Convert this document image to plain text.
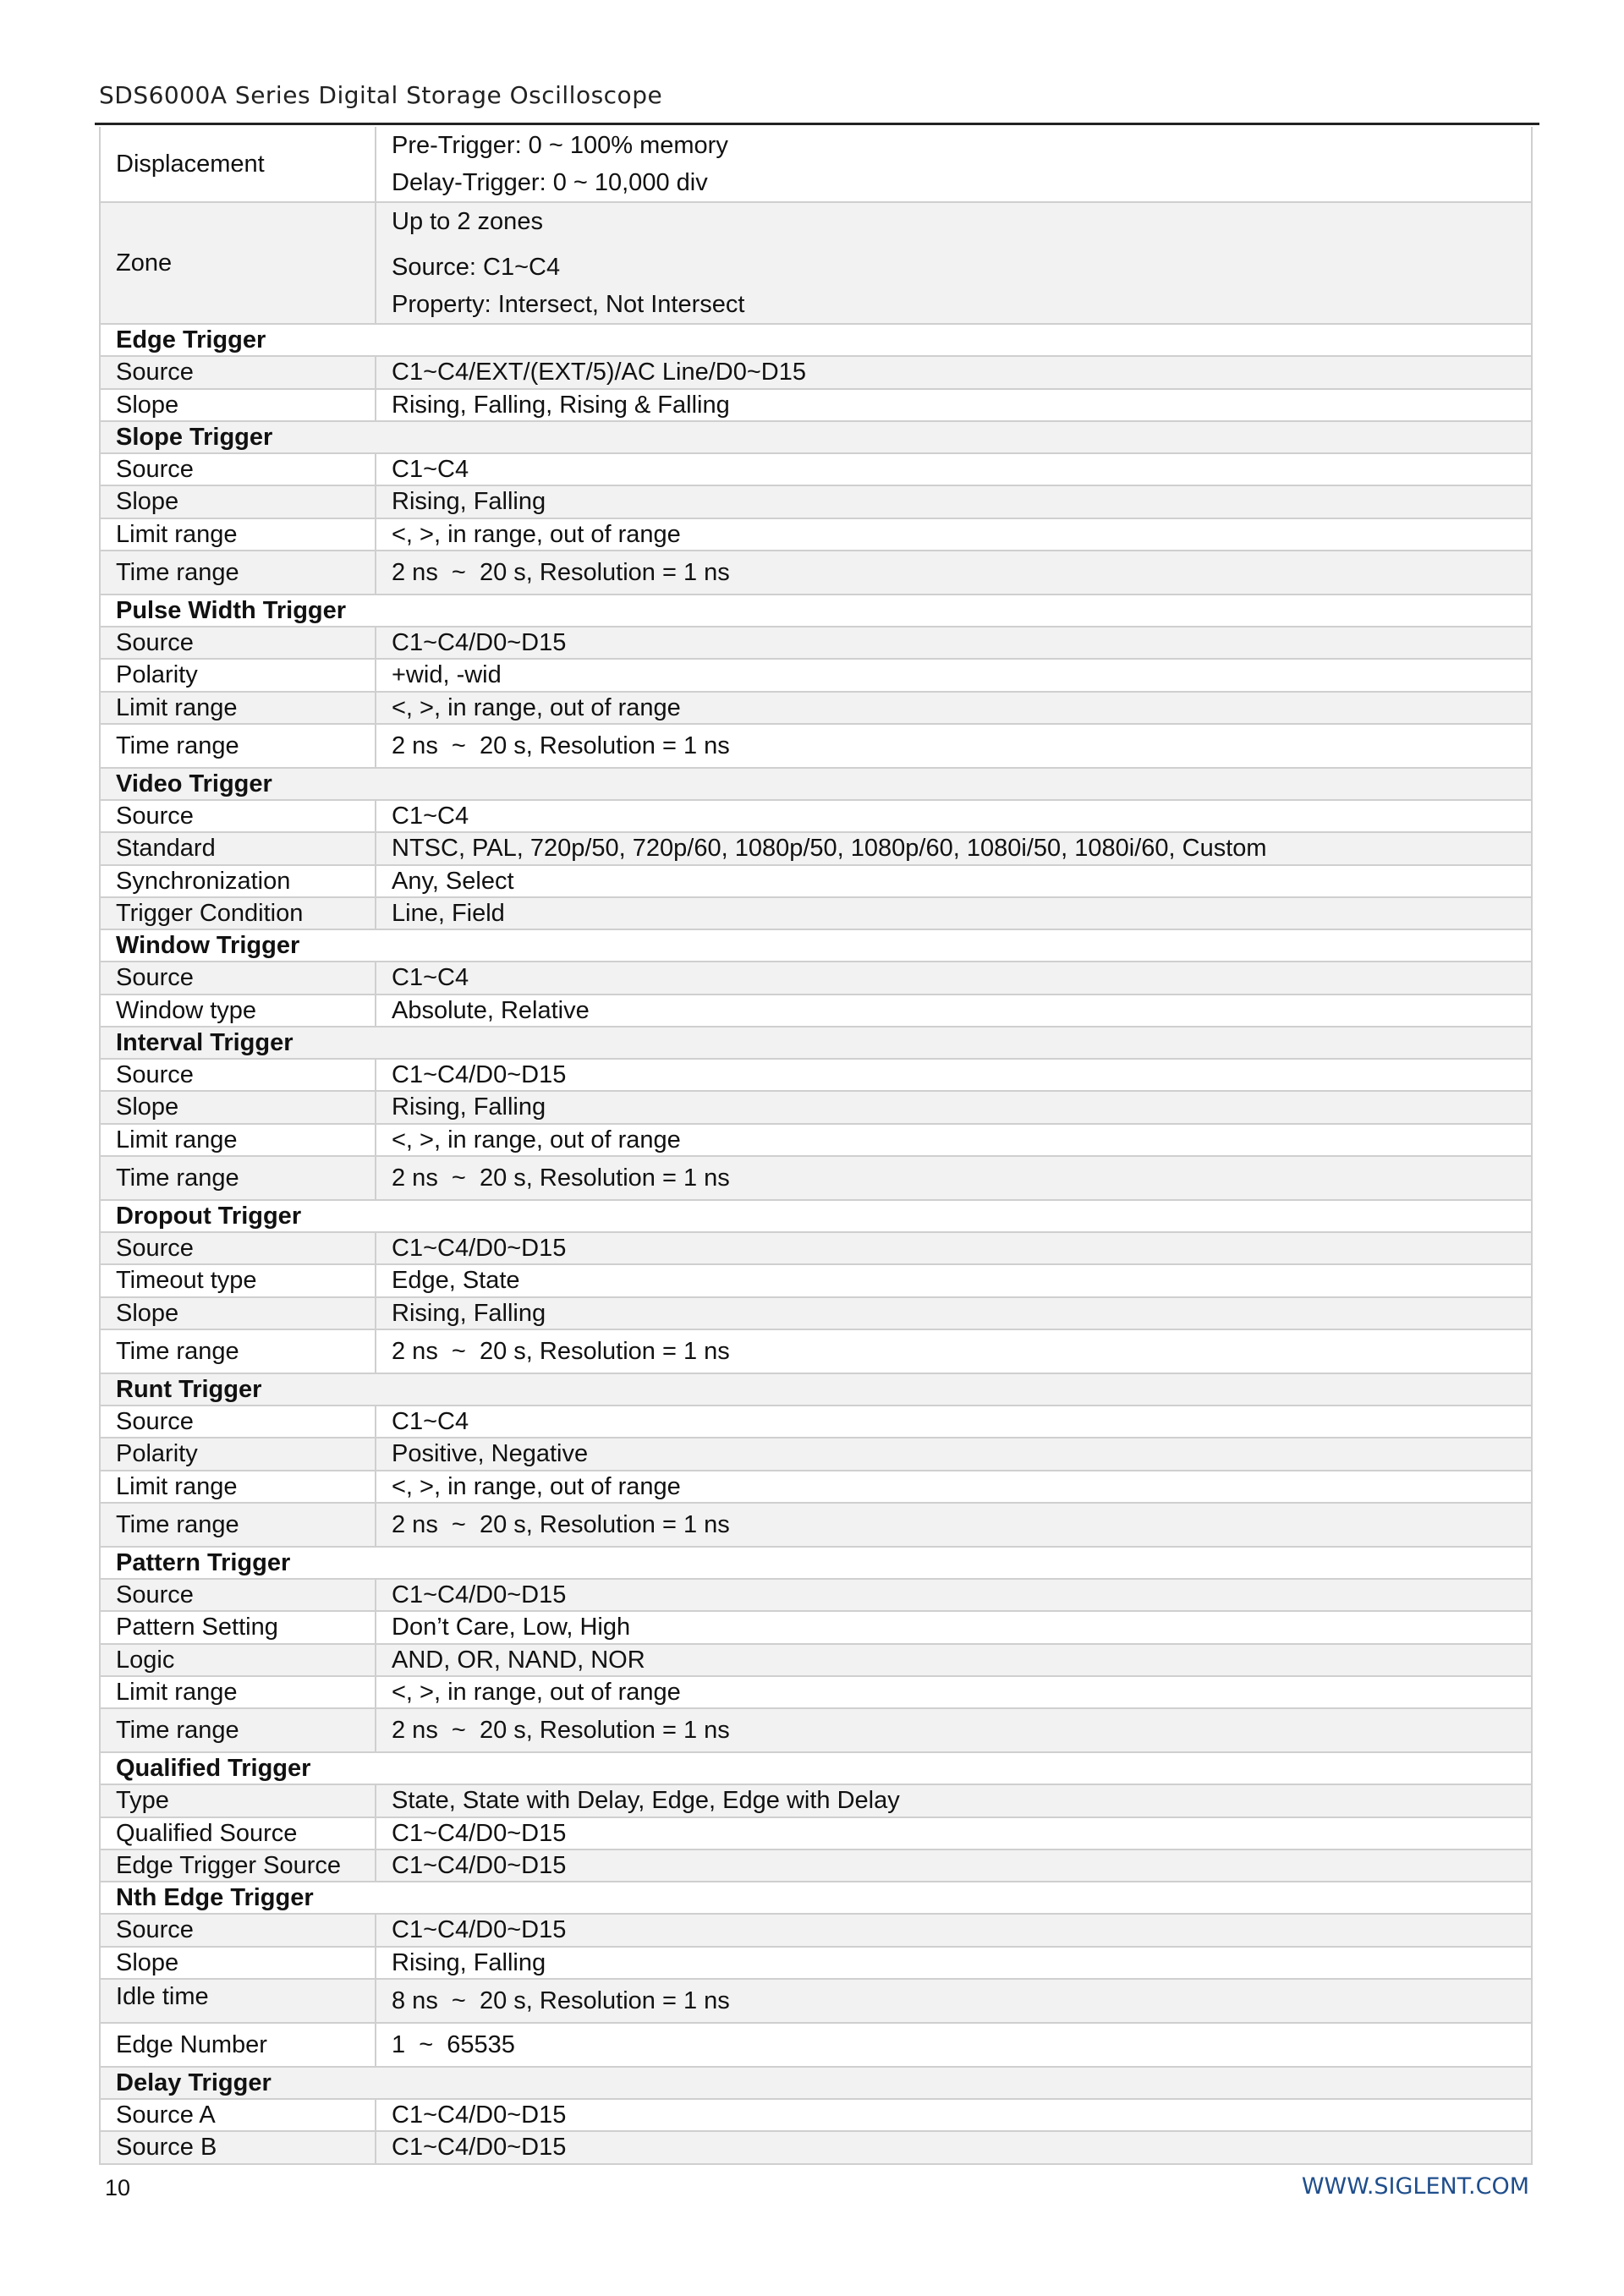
SDS6000A Series Digital Storage Oscilloscope
Displacement	Pre-Trigger: 0 ~ 100% memory
Delay-Trigger: 0 ~ 10,000 div

Zone	Up to 2 zones
Source: C1~C4
Property: Intersect, Not Intersect

Edge Trigger	
Source	C1~C4/EXT/(EXT/5)/AC Line/D0~D15
Slope	Rising, Falling, Rising & Falling
Slope Trigger	
Source	C1~C4
Slope	Rising, Falling
Limit range	<, >, in range, out of range
Time range	2 ns  ~  20 s, Resolution = 1 ns
Pulse Width Trigger	
Source	C1~C4/D0~D15
Polarity	+wid, -wid
Limit range	<, >, in range, out of range
Time range	2 ns  ~  20 s, Resolution = 1 ns
Video Trigger	
Source	C1~C4
Standard	NTSC, PAL, 720p/50, 720p/60, 1080p/50, 1080p/60, 1080i/50, 1080i/60, Custom
Synchronization	Any, Select
Trigger Condition	Line, Field
Window Trigger	
Source	C1~C4
Window type	Absolute, Relative
Interval Trigger	
Source	C1~C4/D0~D15
Slope	Rising, Falling
Limit range	<, >, in range, out of range
Time range	2 ns  ~  20 s, Resolution = 1 ns
Dropout Trigger	
Source	C1~C4/D0~D15
Timeout type	Edge, State
Slope	Rising, Falling
Time range	2 ns  ~  20 s, Resolution = 1 ns
Runt Trigger	
Source	C1~C4
Polarity	Positive, Negative
Limit range	<, >, in range, out of range
Time range	2 ns  ~  20 s, Resolution = 1 ns
Pattern Trigger	
Source	C1~C4/D0~D15
Pattern Setting	Don’t Care, Low, High
Logic	AND, OR, NAND, NOR
Limit range	<, >, in range, out of range
Time range	2 ns  ~  20 s, Resolution = 1 ns
Qualified Trigger	
Type	State, State with Delay, Edge, Edge with Delay
Qualified Source	C1~C4/D0~D15
Edge Trigger Source	C1~C4/D0~D15
Nth Edge Trigger	
Source	C1~C4/D0~D15
Slope	Rising, Falling
Idle time	8 ns  ~  20 s, Resolution = 1 ns
Edge Number	1  ~  65535
Delay Trigger	
Source A	C1~C4/D0~D15
Source B	C1~C4/D0~D15
10	WWW.SIGLENT.COM
